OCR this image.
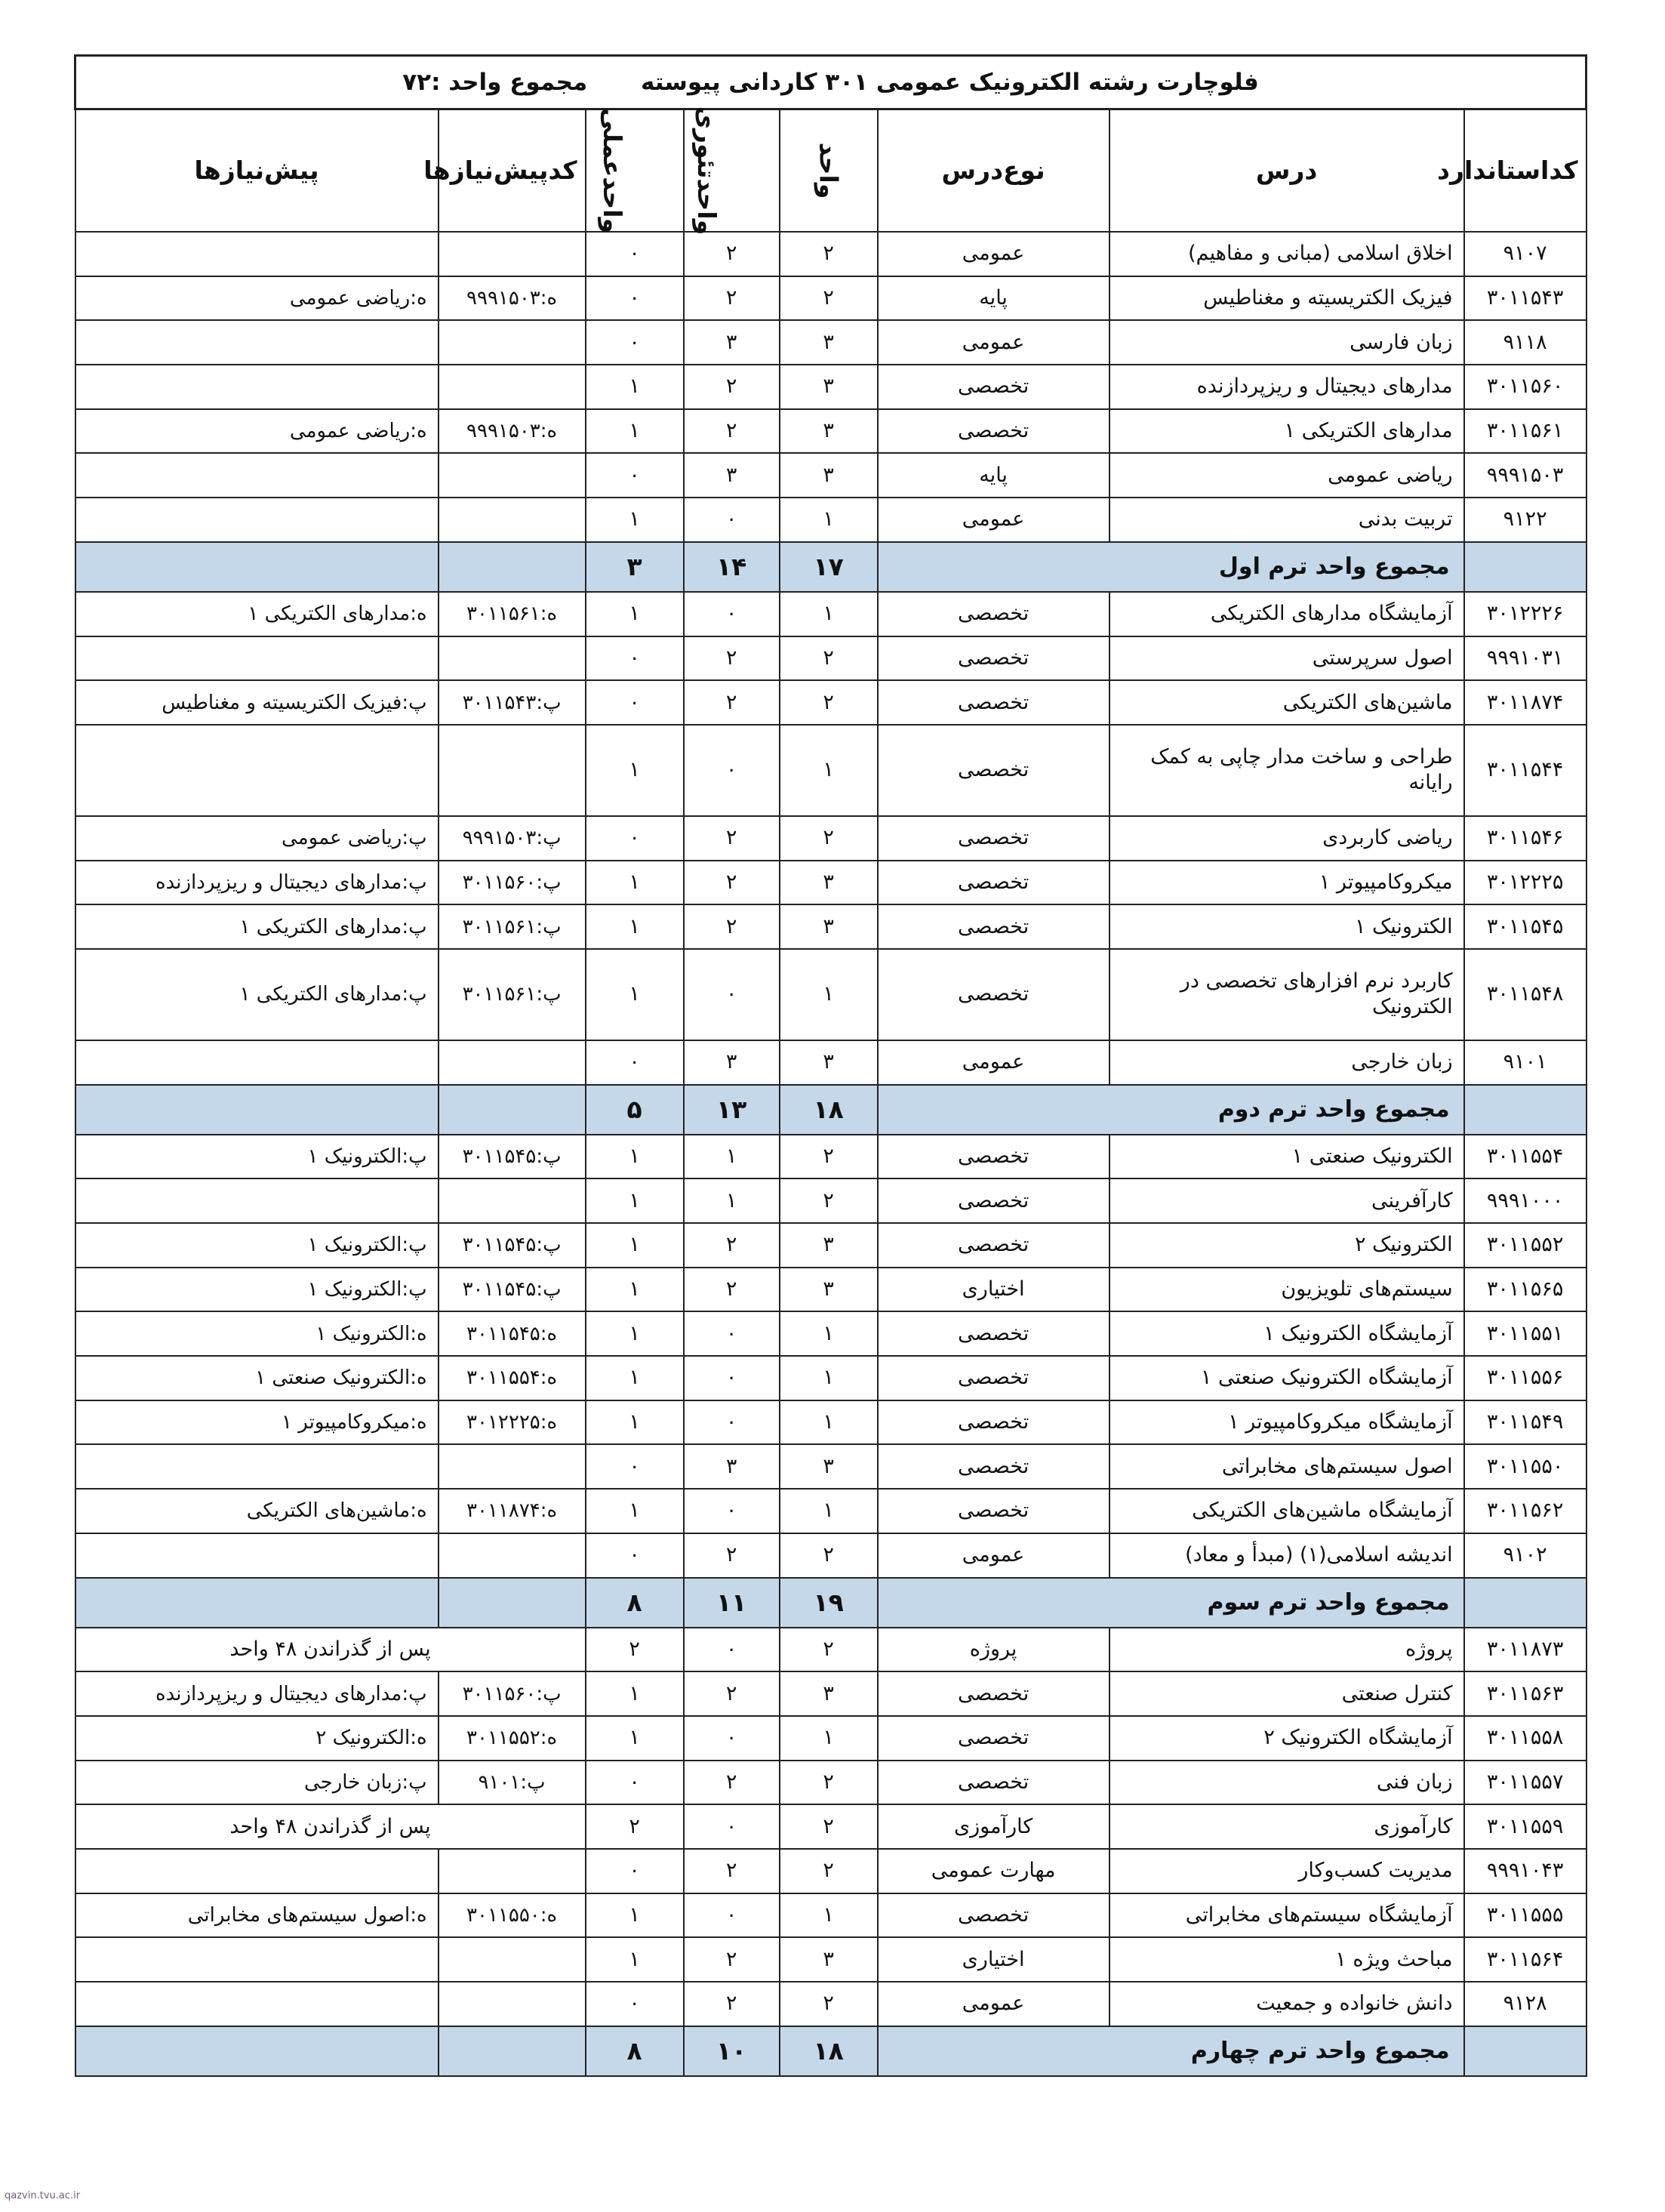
فلوچارت رشته الکترونیک عمومی ۳۰۱ کاردانی پیوسته مجموع واحد :۷۲							
کداستاندارد	درس	نوع‌درس	واحد	واحدتئوری	واحدعملی	کدپیش‌نیازها	پیش‌نیازها
۹۱۰۷	اخلاق اسلامی (مبانی و مفاهیم)	عمومی	۲	۲	۰		
۳۰۱۱۵۴۳	فیزیک الکتریسیته و مغناطیس	پایه	۲	۲	۰	ه:۹۹۹۱۵۰۳	ه:ریاضی عمومی
۹۱۱۸	زبان فارسی	عمومی	۳	۳	۰		
۳۰۱۱۵۶۰	مدارهای دیجیتال و ریزپردازنده	تخصصی	۳	۲	۱		
۳۰۱۱۵۶۱	مدارهای الکتریکی ۱	تخصصی	۳	۲	۱	ه:۹۹۹۱۵۰۳	ه:ریاضی عمومی
۹۹۹۱۵۰۳	ریاضی عمومی	پایه	۳	۳	۰		
۹۱۲۲	تربیت بدنی	عمومی	۱	۰	۱		
	مجموع واحد ترم اول		۱۷	۱۴	۳		
۳۰۱۲۲۲۶	آزمایشگاه مدارهای الکتریکی	تخصصی	۱	۰	۱	ه:۳۰۱۱۵۶۱	ه:مدارهای الکتریکی ۱
۹۹۹۱۰۳۱	اصول سرپرستی	تخصصی	۲	۲	۰		
۳۰۱۱۸۷۴	ماشین‌های الکتریکی	تخصصی	۲	۲	۰	پ:۳۰۱۱۵۴۳	پ:فیزیک الکتریسیته و مغناطیس
۳۰۱۱۵۴۴	طراحی و ساخت مدار چاپی به کمک رایانه	تخصصی	۱	۰	۱		
۳۰۱۱۵۴۶	ریاضی کاربردی	تخصصی	۲	۲	۰	پ:۹۹۹۱۵۰۳	پ:ریاضی عمومی
۳۰۱۲۲۲۵	میکروکامپیوتر ۱	تخصصی	۳	۲	۱	پ:۳۰۱۱۵۶۰	پ:مدارهای دیجیتال و ریزپردازنده
۳۰۱۱۵۴۵	الکترونیک ۱	تخصصی	۳	۲	۱	پ:۳۰۱۱۵۶۱	پ:مدارهای الکتریکی ۱
۳۰۱۱۵۴۸	کاربرد نرم افزارهای تخصصی در الکترونیک	تخصصی	۱	۰	۱	پ:۳۰۱۱۵۶۱	پ:مدارهای الکتریکی ۱
۹۱۰۱	زبان خارجی	عمومی	۳	۳	۰		
	مجموع واحد ترم دوم		۱۸	۱۳	۵		
۳۰۱۱۵۵۴	الکترونیک صنعتی ۱	تخصصی	۲	۱	۱	پ:۳۰۱۱۵۴۵	پ:الکترونیک ۱
۹۹۹۱۰۰۰	کارآفرینی	تخصصی	۲	۱	۱		
۳۰۱۱۵۵۲	الکترونیک ۲	تخصصی	۳	۲	۱	پ:۳۰۱۱۵۴۵	پ:الکترونیک ۱
۳۰۱۱۵۶۵	سیستم‌های تلویزیون	اختیاری	۳	۲	۱	پ:۳۰۱۱۵۴۵	پ:الکترونیک ۱
۳۰۱۱۵۵۱	آزمایشگاه الکترونیک ۱	تخصصی	۱	۰	۱	ه:۳۰۱۱۵۴۵	ه:الکترونیک ۱
۳۰۱۱۵۵۶	آزمایشگاه الکترونیک صنعتی ۱	تخصصی	۱	۰	۱	ه:۳۰۱۱۵۵۴	ه:الکترونیک صنعتی ۱
۳۰۱۱۵۴۹	آزمایشگاه میکروکامپیوتر ۱	تخصصی	۱	۰	۱	ه:۳۰۱۲۲۲۵	ه:میکروکامپیوتر ۱
۳۰۱۱۵۵۰	اصول سیستم‌های مخابراتی	تخصصی	۳	۳	۰		
۳۰۱۱۵۶۲	آزمایشگاه ماشین‌های الکتریکی	تخصصی	۱	۰	۱	ه:۳۰۱۱۸۷۴	ه:ماشین‌های الکتریکی
۹۱۰۲	اندیشه اسلامی(۱) (مبدأ و معاد)	عمومی	۲	۲	۰		
	مجموع واحد ترم سوم		۱۹	۱۱	۸		
۳۰۱۱۸۷۳	پروژه	پروژه	۲	۰	۲	پس از گذراندن ۴۸ واحد	
۳۰۱۱۵۶۳	کنترل صنعتی	تخصصی	۳	۲	۱	پ:۳۰۱۱۵۶۰	پ:مدارهای دیجیتال و ریزپردازنده
۳۰۱۱۵۵۸	آزمایشگاه الکترونیک ۲	تخصصی	۱	۰	۱	ه:۳۰۱۱۵۵۲	ه:الکترونیک ۲
۳۰۱۱۵۵۷	زبان فنی	تخصصی	۲	۲	۰	پ:۹۱۰۱	پ:زبان خارجی
۳۰۱۱۵۵۹	کارآموزی	کارآموزی	۲	۰	۲	پس از گذراندن ۴۸ واحد	
۹۹۹۱۰۴۳	مدیریت کسب‌وکار	مهارت عمومی	۲	۲	۰		
۳۰۱۱۵۵۵	آزمایشگاه سیستم‌های مخابراتی	تخصصی	۱	۰	۱	ه:۳۰۱۱۵۵۰	ه:اصول سیستم‌های مخابراتی
۳۰۱۱۵۶۴	مباحث ویژه ۱	اختیاری	۳	۲	۱		
۹۱۲۸	دانش خانواده و جمعیت	عمومی	۲	۲	۰		
	مجموع واحد ترم چهارم		۱۸	۱۰	۸		
qazvin.tvu.ac.ir
